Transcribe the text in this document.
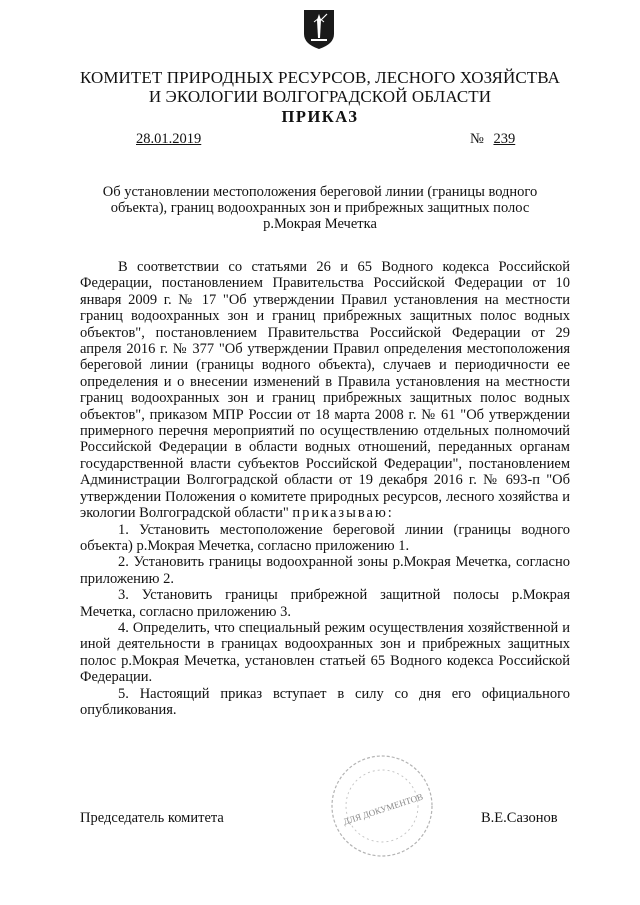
КОМИТЕТ ПРИРОДНЫХ РЕСУРСОВ, ЛЕСНОГО ХОЗЯЙСТВА
И ЭКОЛОГИИ ВОЛГОГРАДСКОЙ ОБЛАСТИ
ПРИКАЗ
28.01.2019	№ 239
Об установлении местоположения береговой линии (границы водного
объекта), границ водоохранных зон и прибрежных защитных полос
р.Мокрая Мечетка

В соответствии со статьями 26 и 65 Водного кодекса Российской Федерации, постановлением Правительства Российской Федерации от 10 января 2009 г. № 17 "Об утверждении Правил установления на местности границ водоохранных зон и границ прибрежных защитных полос водных объектов", постановлением Правительства Российской Федерации от 29 апреля 2016 г. № 377 "Об утверждении Правил определения местоположения береговой линии (границы водного объекта), случаев и периодичности ее определения и о внесении изменений в Правила установления на местности границ водоохранных зон и границ прибрежных защитных полос водных объектов", приказом МПР России от 18 марта 2008 г. № 61 "Об утверждении примерного перечня мероприятий по осуществлению отдельных полномочий Российской Федерации в области водных отношений, переданных органам государственной власти субъектов Российской Федерации", постановлением Администрации Волгоградской области от 19 декабря 2016 г. № 693-п "Об утверждении Положения о комитете природных ресурсов, лесного хозяйства и экологии Волгоградской области" приказываю:

1. Установить местоположение береговой линии (границы водного объекта) р.Мокрая Мечетка, согласно приложению 1.

2. Установить границы водоохранной зоны р.Мокрая Мечетка, согласно приложению 2.

3. Установить границы прибрежной защитной полосы р.Мокрая Мечетка, согласно приложению 3.

4. Определить, что специальный режим осуществления хозяйственной и иной деятельности в границах водоохранных зон и прибрежных защитных полос р.Мокрая Мечетка, установлен статьей 65 Водного кодекса Российской Федерации.

5. Настоящий приказ вступает в силу со дня его официального опубликования.

ДЛЯ ДОКУМЕНТОВ
Председатель комитета	В.Е.Сазонов
